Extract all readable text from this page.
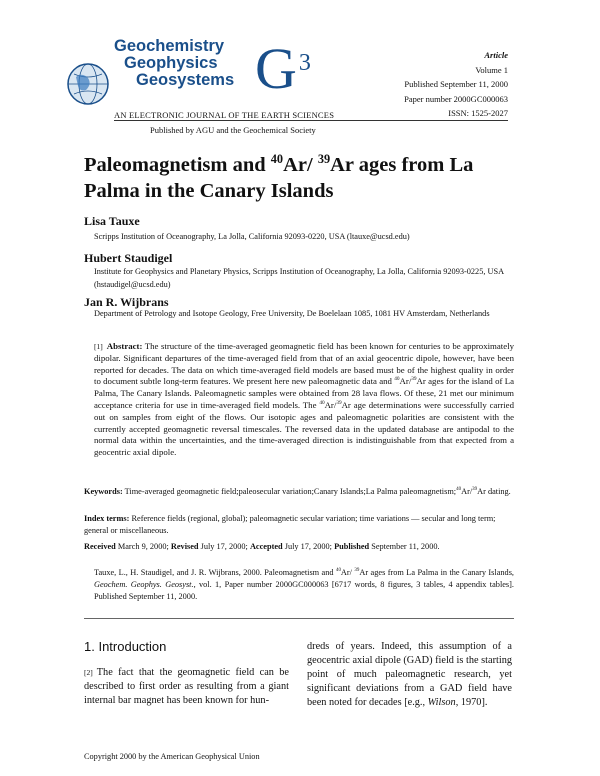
Geochemistry
Geophysics
Geosystems $G^3$
AN ELECTRONIC JOURNAL OF THE EARTH SCIENCES
Published by AGU and the Geochemical Society
Article
Volume 1
Published September 11, 2000
Paper number 2000GC000063
ISSN: 1525-2027
Paleomagnetism and $^{40}$Ar/ $^{39}$Ar ages from La Palma in the Canary Islands
Lisa Tauxe
Scripps Institution of Oceanography, La Jolla, California 92093-0220, USA (ltauxe@ucsd.edu)
Hubert Staudigel
Institute for Geophysics and Planetary Physics, Scripps Institution of Oceanography, La Jolla, California 92093-0225, USA (hstaudigel@ucsd.edu)
Jan R. Wijbrans
Department of Petrology and Isotope Geology, Free University, De Boelelaan 1085, 1081 HV Amsterdam, Netherlands
[1] Abstract: The structure of the time-averaged geomagnetic field has been known for centuries to be approximately dipolar. Significant departures of the time-averaged field from that of an axial geocentric dipole, however, have been reported for decades. The data on which time-averaged field models are based must be of the highest quality in order to document subtle long-term features. We present here new paleomagnetic data and $^{40}$Ar/$^{39}$Ar ages for the island of La Palma, The Canary Islands. Paleomagnetic samples were obtained from 28 lava flows. Of these, 21 met our minimum acceptance criteria for use in time-averaged field models. The $^{40}$Ar/$^{39}$Ar age determinations were successfully carried out on samples from eight of the flows. Our isotopic ages and paleomagnetic polarities are consistent with the currently accepted geomagnetic reversal timescales. The reversed data in the updated database are antipodal to the normal data within the uncertainties, and the time-averaged direction is indistinguishable from that expected from a geocentric axial dipole.
Keywords: Time-averaged geomagnetic field;paleosecular variation;Canary Islands;La Palma paleomagnetism;$^{40}$Ar/$^{39}$Ar dating.
Index terms: Reference fields (regional, global); paleomagnetic secular variation; time variations — secular and long term; general or miscellaneous.
Received March 9, 2000; Revised July 17, 2000; Accepted July 17, 2000; Published September 11, 2000.
Tauxe, L., H. Staudigel, and J. R. Wijbrans, 2000. Paleomagnetism and $^{40}$Ar/ $^{39}$Ar ages from La Palma in the Canary Islands, Geochem. Geophys. Geosyst., vol. 1, Paper number 2000GC000063 [6717 words, 8 figures, 3 tables, 4 appendix tables]. Published September 11, 2000.
1. Introduction
[2] The fact that the geomagnetic field can be described to first order as resulting from a giant internal bar magnet has been known for hun-
dreds of years. Indeed, this assumption of a geocentric axial dipole (GAD) field is the starting point of much paleomagnetic research, yet significant deviations from a GAD field have been noted for decades [e.g., Wilson, 1970].
Copyright 2000 by the American Geophysical Union
